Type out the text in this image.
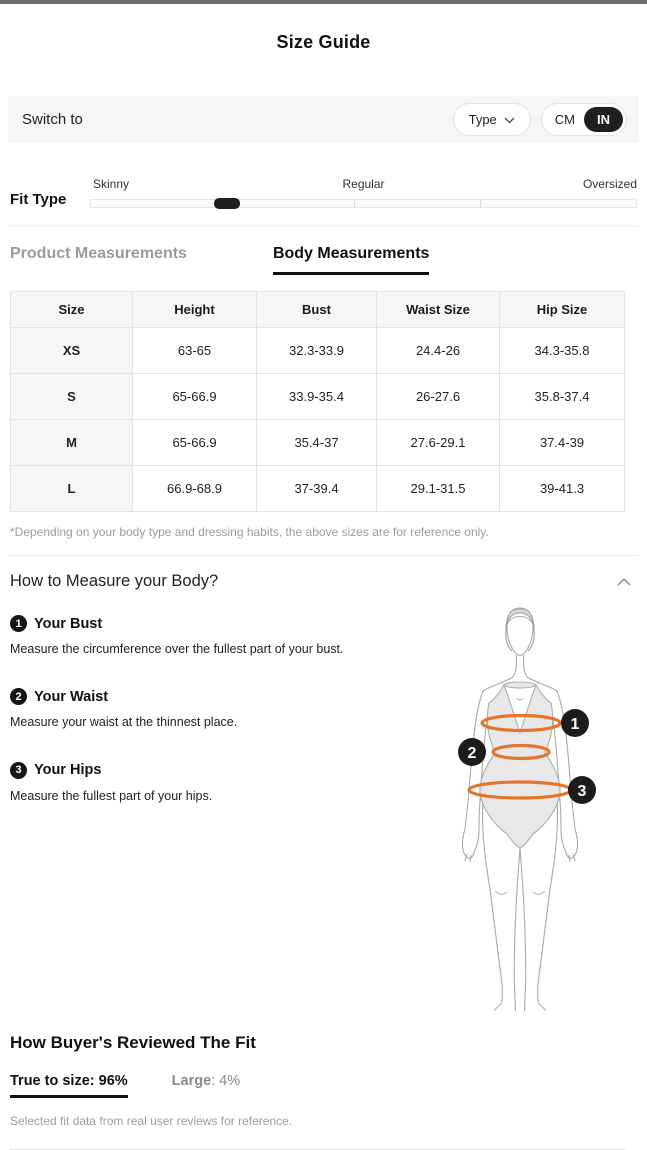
Size Guide
Switch to	Type	CM	IN
Fit Type
Skinny	Regular	Oversized
Product Measurements	Body Measurements
Size	Height	Bust	Waist Size	Hip Size
XS	63-65	32.3-33.9	24.4-26	34.3-35.8
S	65-66.9	33.9-35.4	26-27.6	35.8-37.4
M	65-66.9	35.4-37	27.6-29.1	37.4-39
L	66.9-68.9	37-39.4	29.1-31.5	39-41.3

*Depending on your body type and dressing habits, the above sizes are for reference only.

How to Measure your Body?
1 Your Bust

Measure the circumference over the fullest part of your bust.

2 Your Waist

Measure your waist at the thinnest place.

3 Your Hips

Measure the fullest part of your hips.

1
2
3
How Buyer's Reviewed The Fit
True to size: 96%	Large: 4%

Selected fit data from real user reviews for reference.
